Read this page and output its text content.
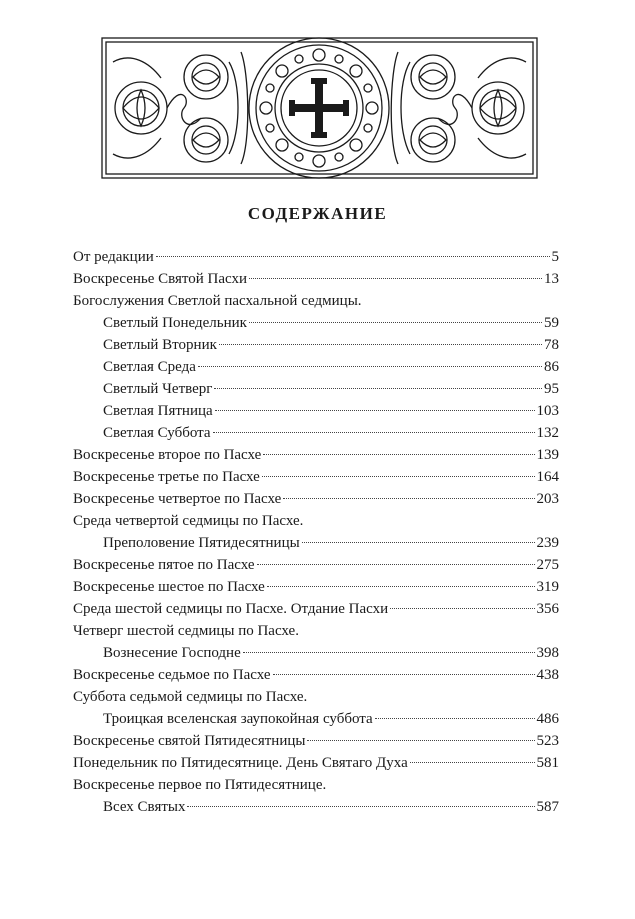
СОДЕРЖАНИЕ
От редакции	5
Воскресенье Святой Пасхи	13
Богослужения Светлой пасхальной седмицы.
Светлый Понедельник	59
Светлый Вторник	78
Светлая Среда	86
Светлый Четверг	95
Светлая Пятница	103
Светлая Суббота	132
Воскресенье второе по Пасхе	139
Воскресенье третье по Пасхе	164
Воскресенье четвертое по Пасхе	203
Среда четвертой седмицы по Пасхе.
Преполовение Пятидесятницы	239
Воскресенье пятое по Пасхе	275
Воскресенье шестое по Пасхе	319
Среда шестой седмицы по Пасхе. Отдание Пасхи	356
Четверг шестой седмицы по Пасхе.
Вознесение Господне	398
Воскресенье седьмое по Пасхе	438
Суббота седьмой седмицы по Пасхе.
Троицкая вселенская заупокойная суббота	486
Воскресенье святой Пятидесятницы	523
Понедельник по Пятидесятнице. День Святаго Духа	581
Воскресенье первое по Пятидесятнице.
Всех Святых	587
